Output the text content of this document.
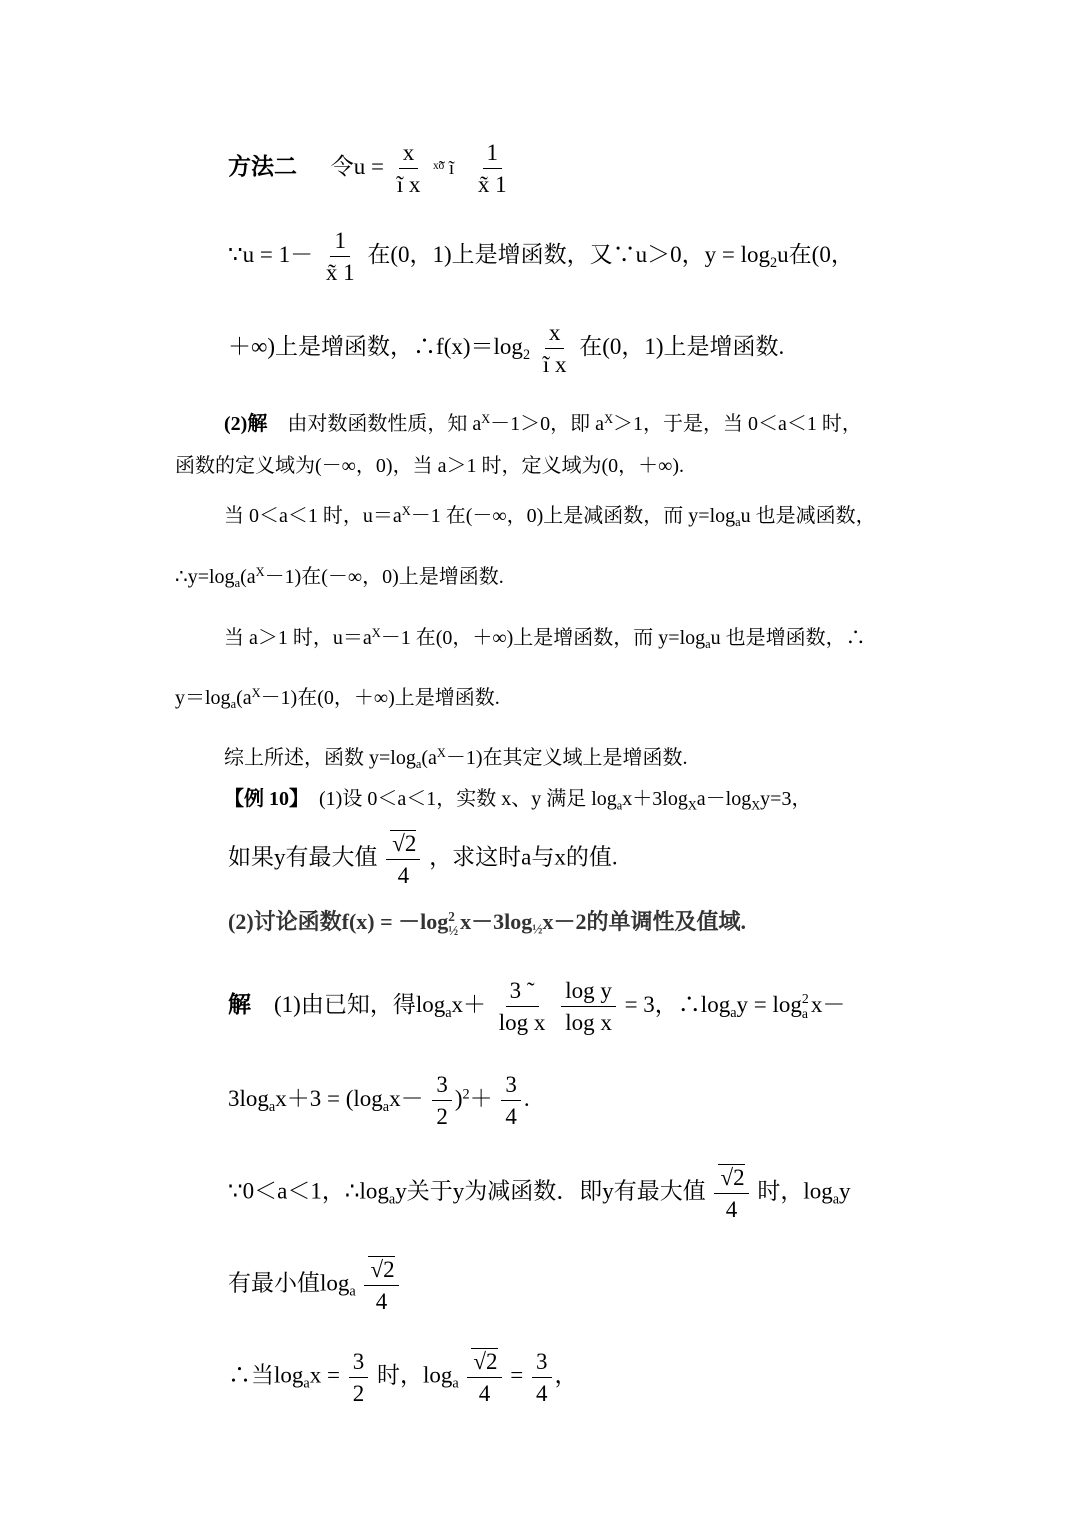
方法二 令$u = \frac{x}{\text{ĩ x}}$ ˣ̃ᵒ ĩ $\frac{1}{x̃ 1}$
∵u = $1- \frac{1}{x̃ 1}$ 在(0，1)上是增函数，又∵u＞0，$y = \log_2u$在(0，
＋∞)上是增函数，$\therefore f(x)=\log_2 \frac{x}{\text{ĩ x}}$ 在(0，1)上是增函数.
(2)解　由对数函数性质，知 $a^X-1>0$，即 $a^X>1$，于是，当 0＜a＜1 时，
函数的定义域为(－∞，0)，当 a＞1 时，定义域为(0，＋∞).
当 0＜a＜1 时，$u=a^X-1$ 在(－∞，0)上是减函数，而 $y=\log_au$ 也是减函数，
$\therefore y=\log_a(a^X-1)$在(－∞，0)上是增函数.
当 a＞1 时，$u=a^X-1$ 在(0，＋∞)上是增函数，而 $y=\log_au$ 也是增函数，∴
$y=\log_a(a^X-1)$在(0，＋∞)上是增函数.
综上所述，函数 $y=\log_a(a^X-1)$在其定义域上是增函数.
【例 10】　(1)设 0＜a＜1，实数 x、y 满足 $\log_ax+3\log_Xa-\log_Xy=3$，
如果y有最大值 $\frac{√2}{4}$ ，求这时a与x的值.
(2)讨论函数f(x) = －log 2
½ $x-3\log_{\frac{1}{2}}x-2$的单调性及值域.
解　(1)由已知，得$\log_ax+ \frac{3 ˜}{\text{log x}}$
$\frac{\text{log y}}{\text{log x}} = 3$，$\therefore\log_ay = \log 2$
a x－
$3\log_ax+3 = (\log_ax- \frac{3}{2} )^2+ \frac{3}{4}$ .
∵0＜a＜1，$\therefore\log_ay$关于y为减函数．即y有最大值 $\frac{√2}{4}$ 时，$\log_ay$
有最小值$\log_a \frac{√2}{4}$
∴当$\log_ax = \frac{3}{2}$ 时，$\log_a \frac{√2}{4} = \frac{3}{4}$ ，
